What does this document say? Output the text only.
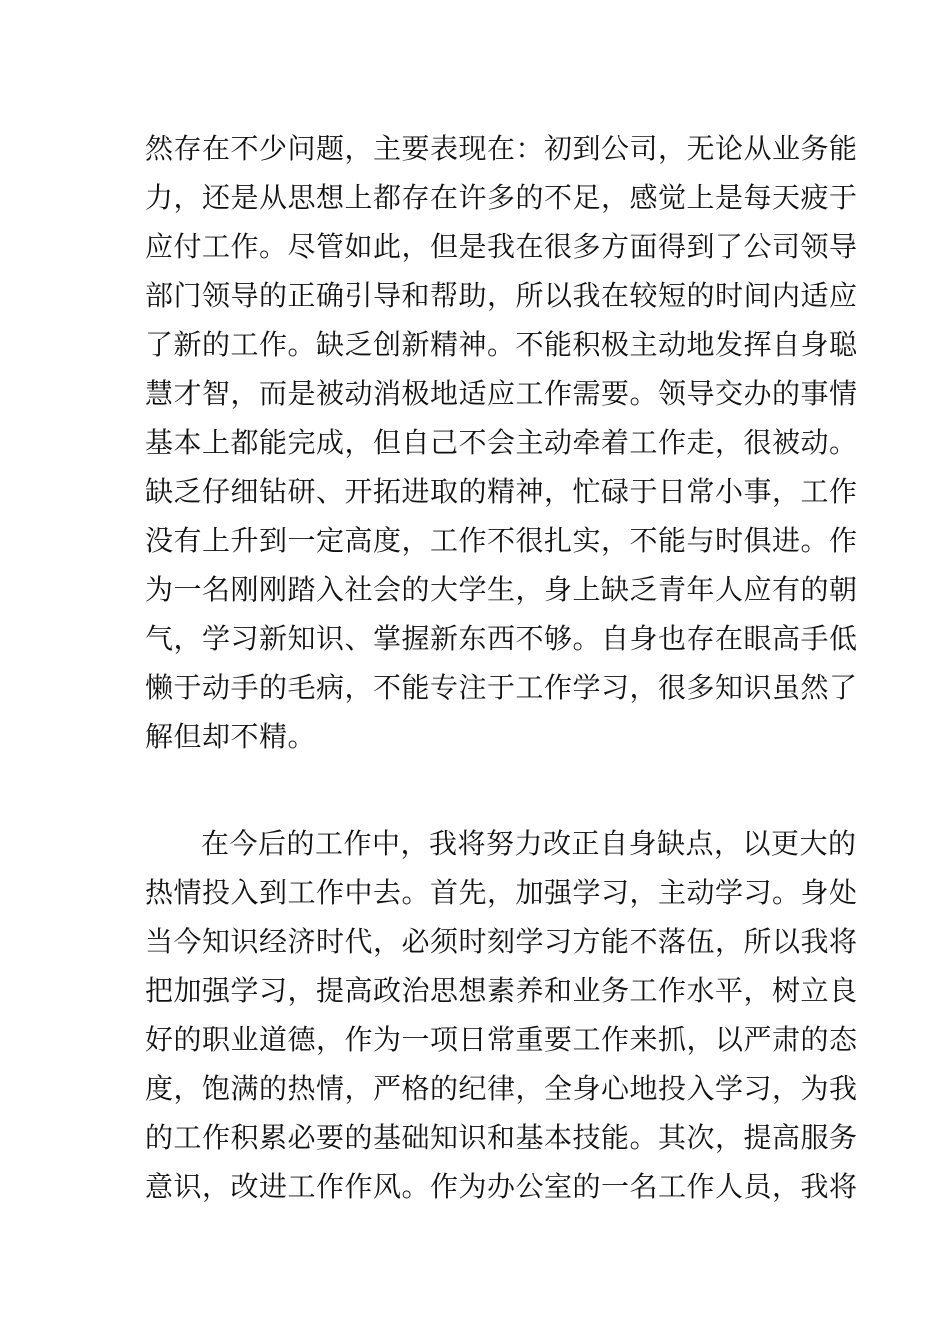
然存在不少问题，主要表现在：初到公司，无论从业务能
力，还是从思想上都存在许多的不足，感觉上是每天疲于
应付工作。尽管如此，但是我在很多方面得到了公司领导
部门领导的正确引导和帮助，所以我在较短的时间内适应
了新的工作。缺乏创新精神。不能积极主动地发挥自身聪
慧才智，而是被动消极地适应工作需要。领导交办的事情
基本上都能完成，但自己不会主动牵着工作走，很被动。
缺乏仔细钻研、开拓进取的精神，忙碌于日常小事，工作
没有上升到一定高度，工作不很扎实，不能与时俱进。作
为一名刚刚踏入社会的大学生，身上缺乏青年人应有的朝
气，学习新知识、掌握新东西不够。自身也存在眼高手低
懒于动手的毛病，不能专注于工作学习，很多知识虽然了
解但却不精。
在今后的工作中，我将努力改正自身缺点，以更大的
热情投入到工作中去。首先，加强学习，主动学习。身处
当今知识经济时代，必须时刻学习方能不落伍，所以我将
把加强学习，提高政治思想素养和业务工作水平，树立良
好的职业道德，作为一项日常重要工作来抓，以严肃的态
度，饱满的热情，严格的纪律，全身心地投入学习，为我
的工作积累必要的基础知识和基本技能。其次，提高服务
意识，改进工作作风。作为办公室的一名工作人员，我将
